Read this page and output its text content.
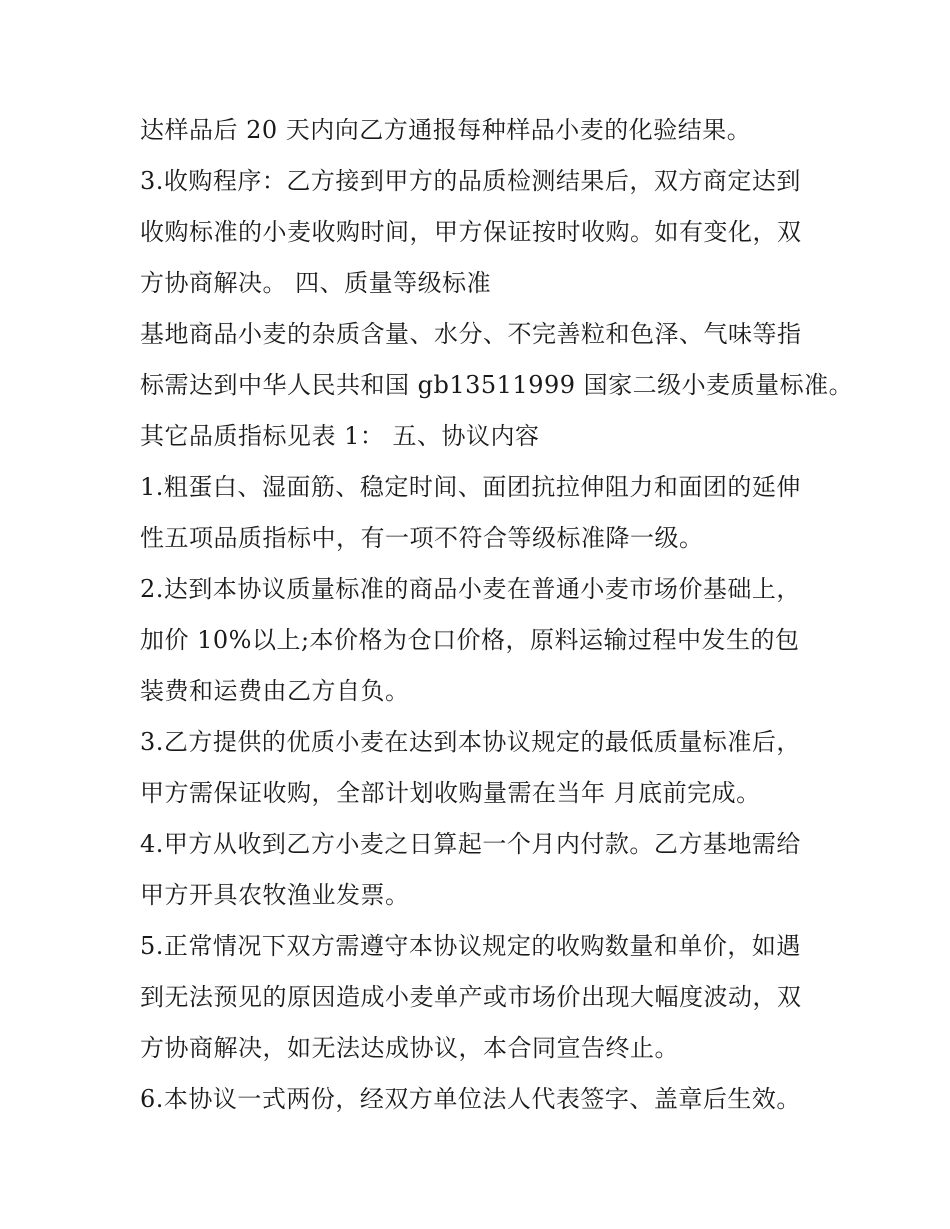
达样品后 20 天内向乙方通报每种样品小麦的化验结果。
3.收购程序：乙方接到甲方的品质检测结果后，双方商定达到
收购标准的小麦收购时间，甲方保证按时收购。如有变化，双
方协商解决。 四、质量等级标准
基地商品小麦的杂质含量、水分、不完善粒和色泽、气味等指
标需达到中华人民共和国 gb13511999 国家二级小麦质量标准。
其它品质指标见表 1： 五、协议内容
1.粗蛋白、湿面筋、稳定时间、面团抗拉伸阻力和面团的延伸
性五项品质指标中，有一项不符合等级标准降一级。
2.达到本协议质量标准的商品小麦在普通小麦市场价基础上，
加价 10%以上;本价格为仓口价格，原料运输过程中发生的包
装费和运费由乙方自负。
3.乙方提供的优质小麦在达到本协议规定的最低质量标准后，
甲方需保证收购，全部计划收购量需在当年 月底前完成。
4.甲方从收到乙方小麦之日算起一个月内付款。乙方基地需给
甲方开具农牧渔业发票。
5.正常情况下双方需遵守本协议规定的收购数量和单价，如遇
到无法预见的原因造成小麦单产或市场价出现大幅度波动，双
方协商解决，如无法达成协议，本合同宣告终止。
6.本协议一式两份，经双方单位法人代表签字、盖章后生效。
